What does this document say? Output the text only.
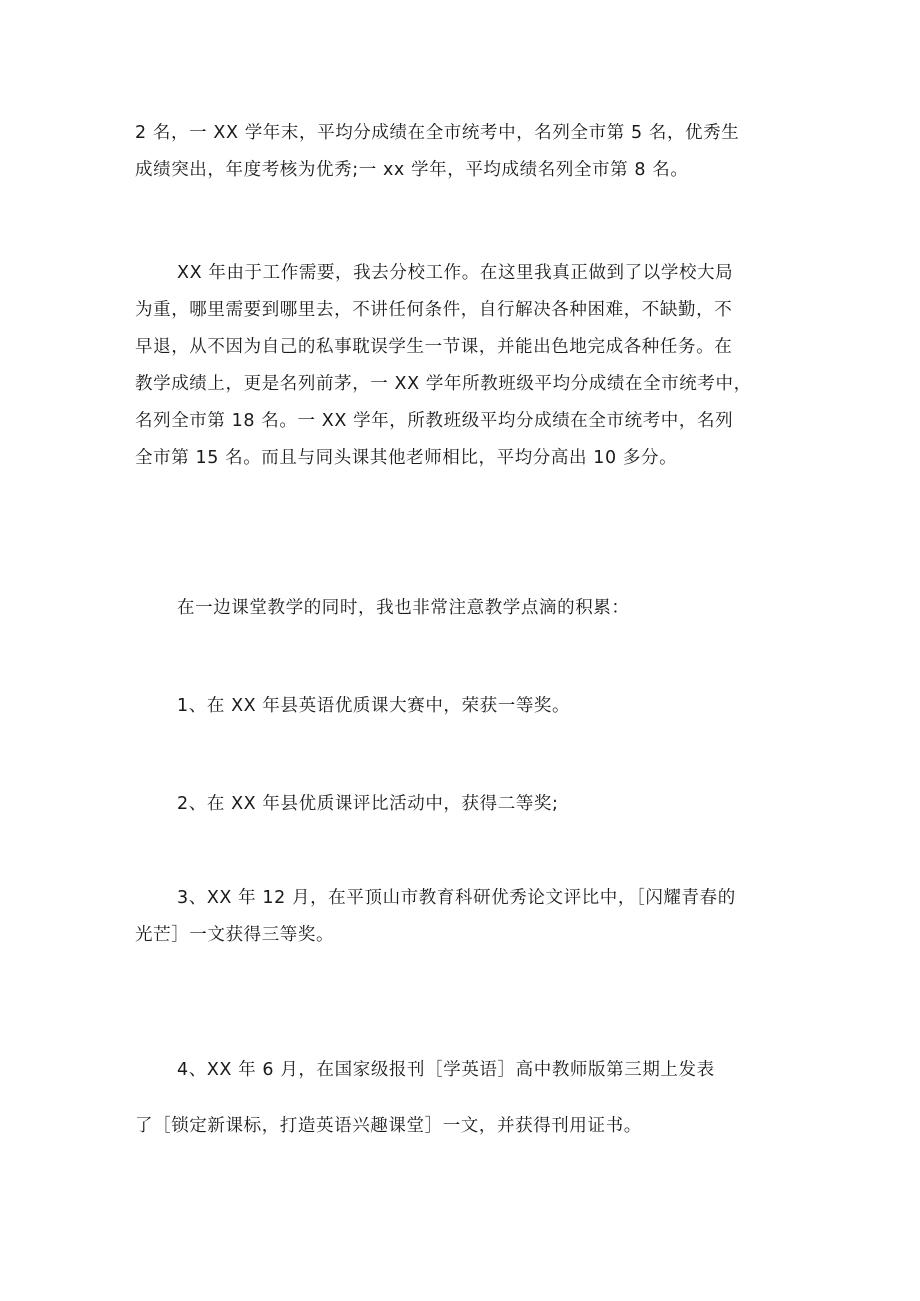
2 名，一 XX 学年末，平均分成绩在全市统考中，名列全市第 5 名，优秀生
成绩突出，年度考核为优秀;一 xx 学年，平均成绩名列全市第 8 名。
XX 年由于工作需要，我去分校工作。在这里我真正做到了以学校大局
为重，哪里需要到哪里去，不讲任何条件，自行解决各种困难，不缺勤，不
早退，从不因为自己的私事耽误学生一节课，并能出色地完成各种任务。在
教学成绩上，更是名列前茅，一 XX 学年所教班级平均分成绩在全市统考中，
名列全市第 18 名。一 XX 学年，所教班级平均分成绩在全市统考中，名列
全市第 15 名。而且与同头课其他老师相比，平均分高出 10 多分。
在一边课堂教学的同时，我也非常注意教学点滴的积累：
1、在 XX 年县英语优质课大赛中，荣获一等奖。
2、在 XX 年县优质课评比活动中，获得二等奖;
3、XX 年 12 月，在平顶山市教育科研优秀论文评比中，［闪耀青春的
光芒］一文获得三等奖。
4、XX 年 6 月，在国家级报刊［学英语］高中教师版第三期上发表
了［锁定新课标，打造英语兴趣课堂］一文，并获得刊用证书。
